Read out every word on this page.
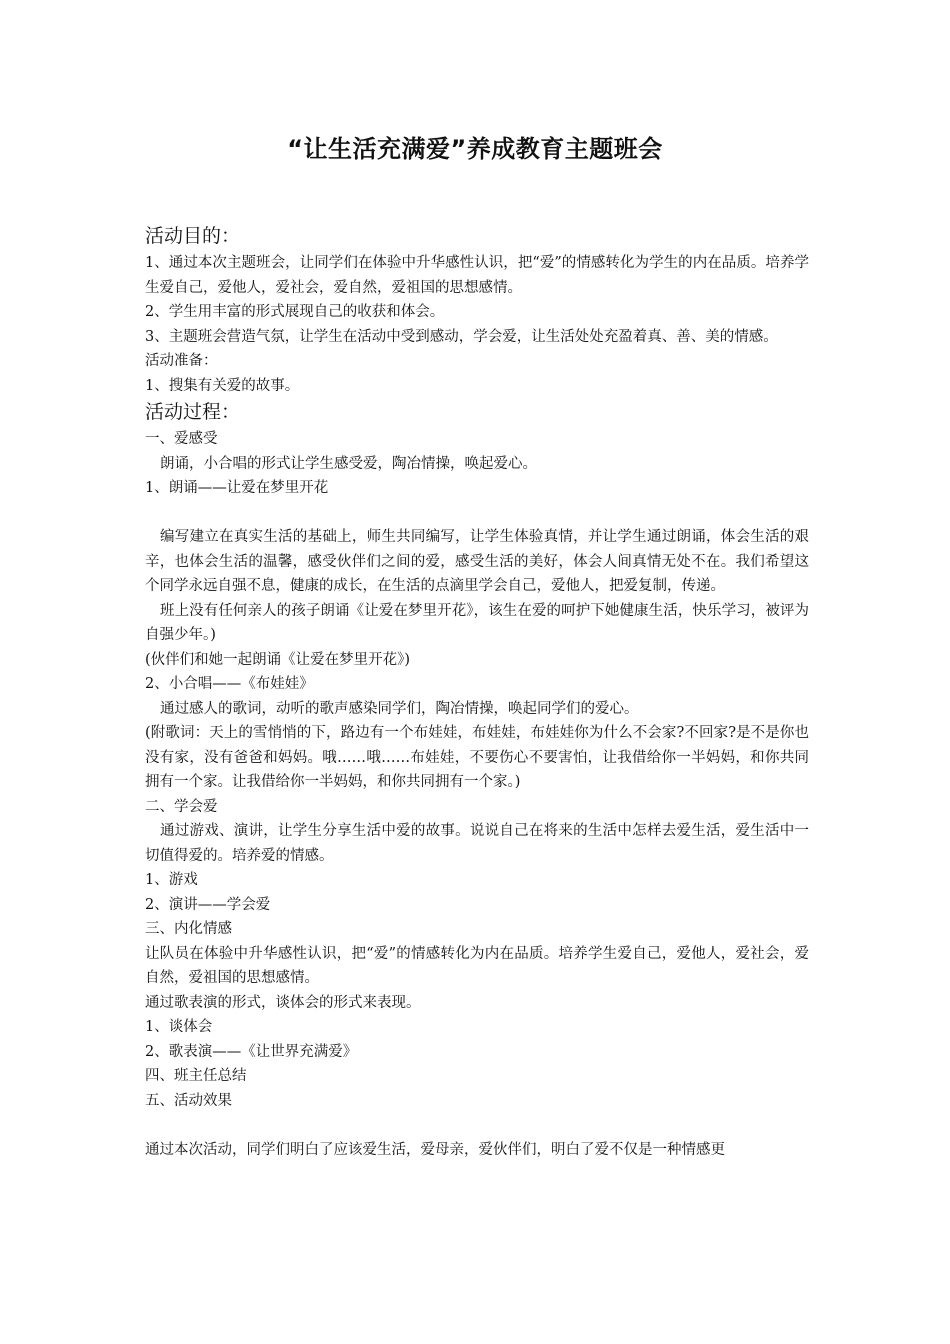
“让生活充满爱”养成教育主题班会

活动目的：

1、通过本次主题班会，让同学们在体验中升华感性认识，把“爱”的情感转化为学生的内在品质。培养学生爱自己，爱他人，爱社会，爱自然，爱祖国的思想感情。

2、学生用丰富的形式展现自己的收获和体会。

3、主题班会营造气氛，让学生在活动中受到感动，学会爱，让生活处处充盈着真、善、美的情感。

活动准备：

1、搜集有关爱的故事。

活动过程：

一、爱感受

朗诵，小合唱的形式让学生感受爱，陶冶情操，唤起爱心。

1、朗诵——让爱在梦里开花

编写建立在真实生活的基础上，师生共同编写，让学生体验真情，并让学生通过朗诵，体会生活的艰辛，也体会生活的温馨，感受伙伴们之间的爱，感受生活的美好，体会人间真情无处不在。我们希望这个同学永远自强不息，健康的成长，在生活的点滴里学会自己，爱他人，把爱复制，传递。

班上没有任何亲人的孩子朗诵《让爱在梦里开花》，该生在爱的呵护下她健康生活，快乐学习，被评为自强少年。)

(伙伴们和她一起朗诵《让爱在梦里开花》)

2、小合唱——《布娃娃》

通过感人的歌词，动听的歌声感染同学们，陶冶情操，唤起同学们的爱心。

(附歌词：天上的雪悄悄的下，路边有一个布娃娃，布娃娃，布娃娃你为什么不会家?不回家?是不是你也没有家，没有爸爸和妈妈。哦……哦……布娃娃，不要伤心不要害怕，让我借给你一半妈妈，和你共同拥有一个家。让我借给你一半妈妈，和你共同拥有一个家。)

二、学会爱

通过游戏、演讲，让学生分享生活中爱的故事。说说自己在将来的生活中怎样去爱生活，爱生活中一切值得爱的。培养爱的情感。

1、游戏

2、演讲——学会爱

三、内化情感

让队员在体验中升华感性认识，把“爱”的情感转化为内在品质。培养学生爱自己，爱他人，爱社会，爱自然，爱祖国的思想感情。

通过歌表演的形式，谈体会的形式来表现。

1、谈体会

2、歌表演——《让世界充满爱》

四、班主任总结

五、活动效果

通过本次活动，同学们明白了应该爱生活，爱母亲，爱伙伴们，明白了爱不仅是一种情感更
